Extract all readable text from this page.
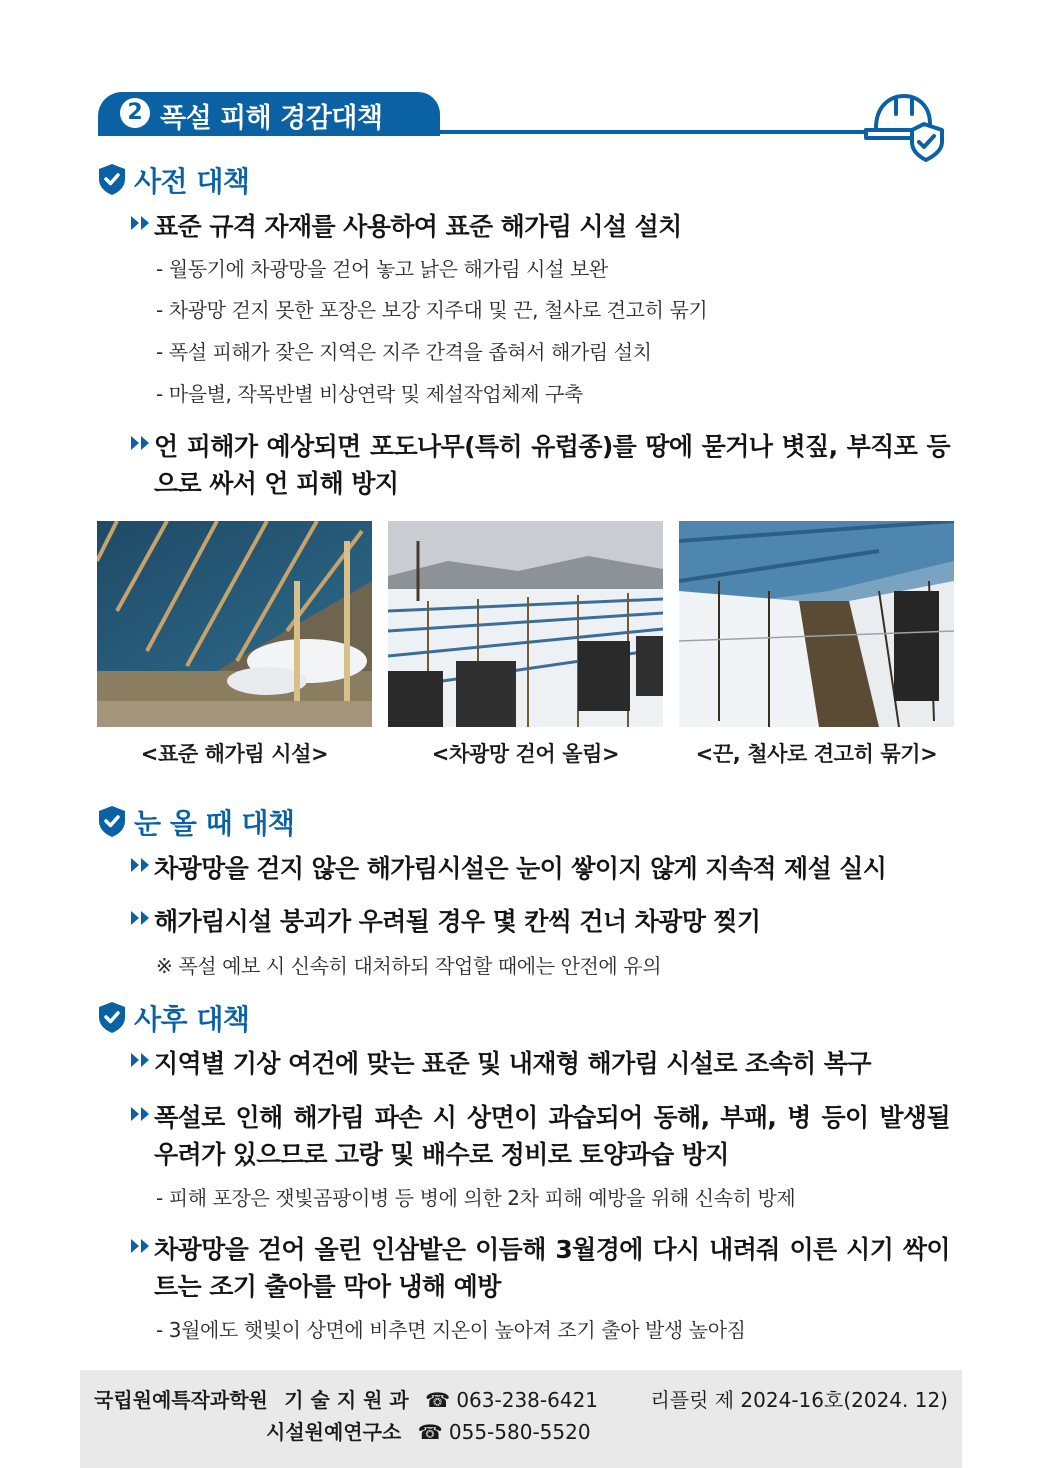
2 폭설 피해 경감대책
사전 대책
표준 규격 자재를 사용하여 표준 해가림 시설 설치
- 월동기에 차광망을 걷어 놓고 낡은 해가림 시설 보완
- 차광망 걷지 못한 포장은 보강 지주대 및 끈, 철사로 견고히 묶기
- 폭설 피해가 잦은 지역은 지주 간격을 좁혀서 해가림 설치
- 마을별, 작목반별 비상연락 및 제설작업체제 구축
언 피해가 예상되면 포도나무(특히 유럽종)를 땅에 묻거나 볏짚, 부직포 등으로 싸서 언 피해 방지
<표준 해가림 시설>	<차광망 걷어 올림>	<끈, 철사로 견고히 묶기>
눈 올 때 대책
차광망을 걷지 않은 해가림시설은 눈이 쌓이지 않게 지속적 제설 실시
해가림시설 붕괴가 우려될 경우 몇 칸씩 건너 차광망 찢기
※ 폭설 예보 시 신속히 대처하되 작업할 때에는 안전에 유의
사후 대책
지역별 기상 여건에 맞는 표준 및 내재형 해가림 시설로 조속히 복구
폭설로 인해 해가림 파손 시 상면이 과습되어 동해, 부패, 병 등이 발생될 우려가 있으므로 고랑 및 배수로 정비로 토양과습 방지
- 피해 포장은 잿빛곰팡이병 등 병에 의한 2차 피해 예방을 위해 신속히 방제
차광망을 걷어 올린 인삼밭은 이듬해 3월경에 다시 내려줘 이른 시기 싹이 트는 조기 출아를 막아 냉해 예방
- 3월에도 햇빛이 상면에 비추면 지온이 높아져 조기 출아 발생 높아짐
국립원예특작과학원 기 술 지 원 과 ☎ 063-238-6421
시설원예연구소 ☎ 055-580-5520
리플릿 제 2024-16호(2024. 12)
